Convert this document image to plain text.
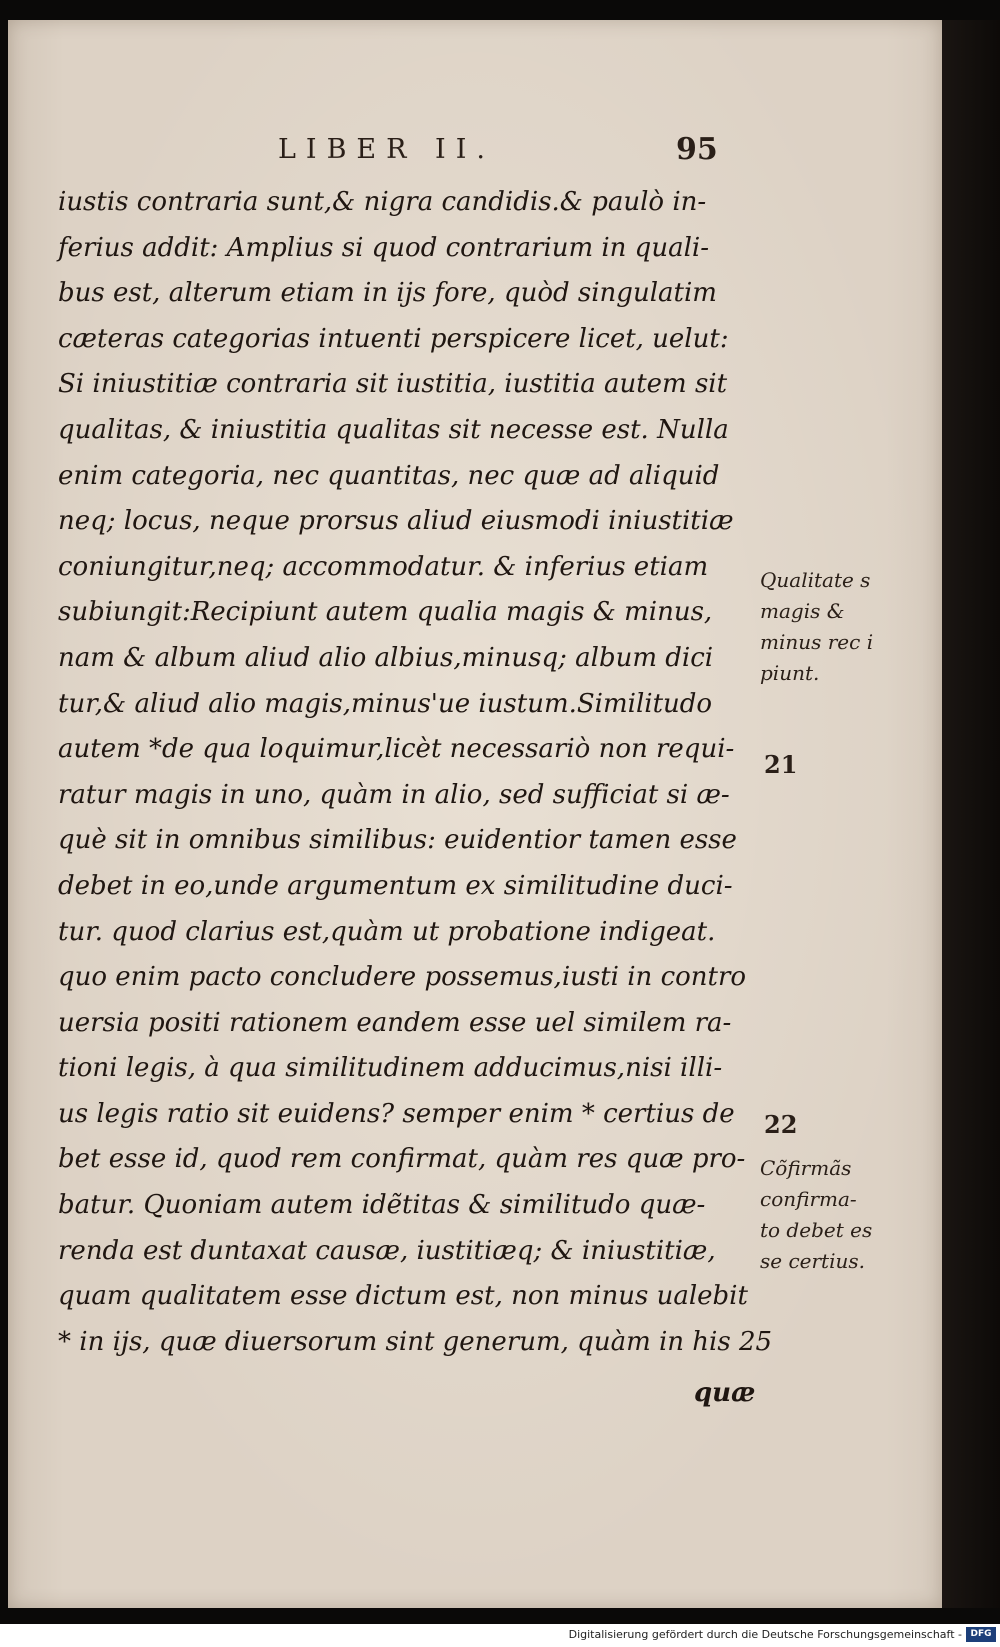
LIBER II.	95
iustis contraria sunt,& nigra candidis.& paulò in-
ferius addit: Amplius si quod contrarium in quali-
bus est, alterum etiam in ijs fore, quòd singulatim
cæteras categorias intuenti perspicere licet, uelut:
Si iniustitiæ contraria sit iustitia, iustitia autem sit
qualitas, & iniustitia qualitas sit necesse est. Nulla
enim categoria, nec quantitas, nec quæ ad aliquid
neq; locus, neque prorsus aliud eiusmodi iniustitiæ
coniungitur,neq; accommodatur. & inferius etiam
subiungit:Recipiunt autem qualia magis & minus,
nam & album aliud alio albius,minusq; album dici
tur,& aliud alio magis,minus'ue iustum.Similitudo
autem *de qua loquimur,licèt necessariò non requi-
ratur magis in uno, quàm in alio, sed sufficiat si æ-
què sit in omnibus similibus: euidentior tamen esse
debet in eo,unde argumentum ex similitudine duci-
tur. quod clarius est,quàm ut probatione indigeat.
quo enim pacto concludere possemus,iusti in contro
uersia positi rationem eandem esse uel similem ra-
tioni legis, à qua similitudinem adducimus,nisi illi-
us legis ratio sit euidens? semper enim * certius de
bet esse id, quod rem confirmat, quàm res quæ pro-
batur. Quoniam autem idẽtitas & similitudo quæ-
renda est duntaxat causæ, iustitiæq; & iniustitiæ,
quam qualitatem esse dictum est, non minus ualebit
* in ijs, quæ diuersorum sint generum, quàm in his 25
quæ
Qualitate s
magis &
minus rec i
piunt.
21
22
Cõfirmãs
confirma-
to debet es
se certius.
Digitalisierung gefördert durch die Deutsche Forschungsgemeinschaft - DFG
